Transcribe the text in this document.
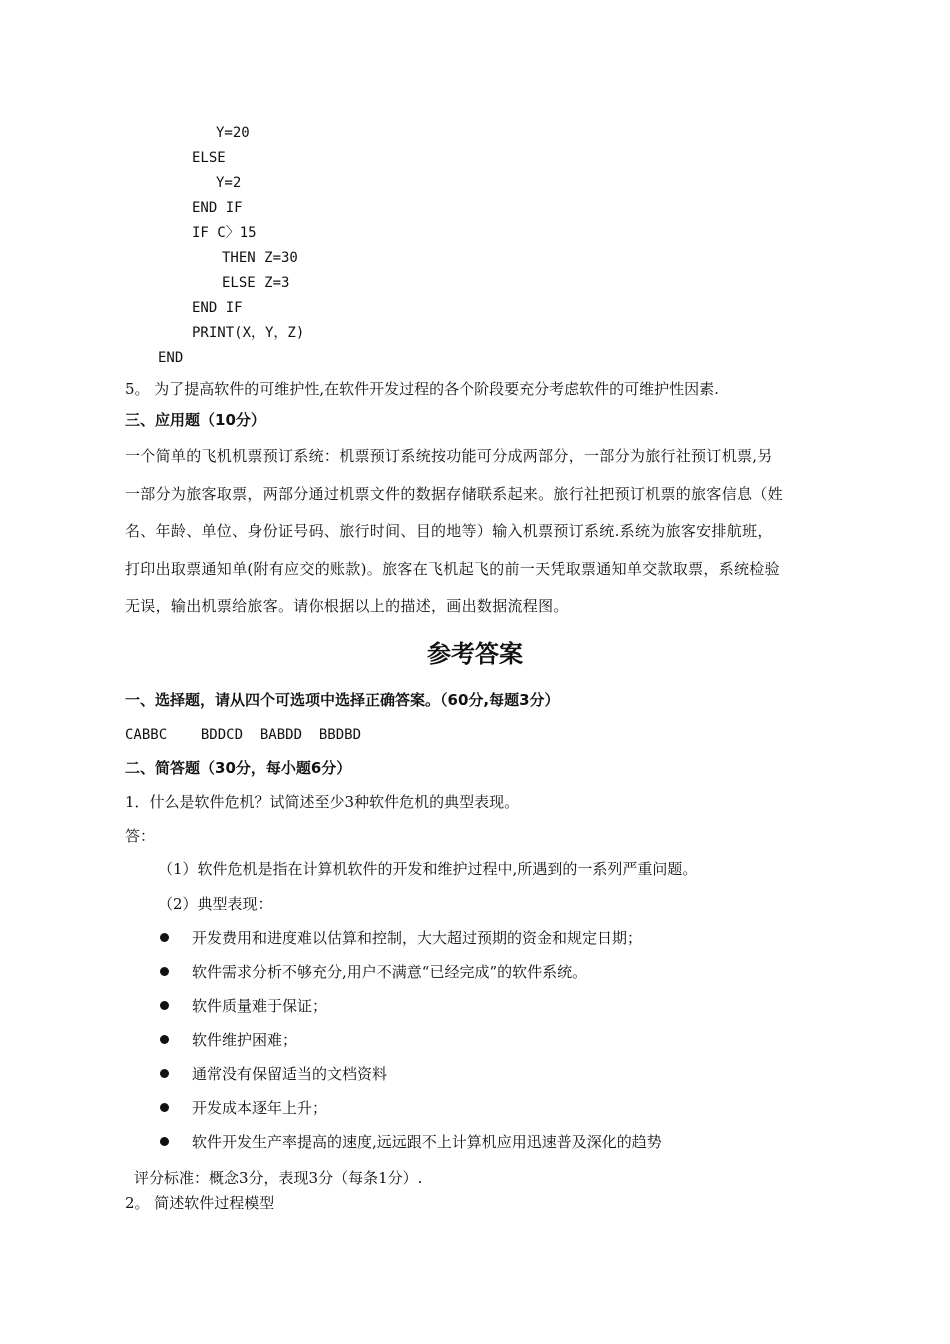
Y=20
ELSE
Y=2
END IF
IF C〉15
THEN Z=30
ELSE Z=3
END IF
PRINT(X，Y，Z)
END
5。 为了提高软件的可维护性,在软件开发过程的各个阶段要充分考虑软件的可维护性因素.
三、应用题（10分）
一个简单的飞机机票预订系统：机票预订系统按功能可分成两部分，一部分为旅行社预订机票,另
一部分为旅客取票，两部分通过机票文件的数据存储联系起来。旅行社把预订机票的旅客信息（姓
名、年龄、单位、身份证号码、旅行时间、目的地等）输入机票预订系统.系统为旅客安排航班，
打印出取票通知单(附有应交的账款)。旅客在飞机起飞的前一天凭取票通知单交款取票，系统检验
无误，输出机票给旅客。请你根据以上的描述，画出数据流程图。
参考答案
一、选择题，请从四个可选项中选择正确答案。（60分,每题3分）
CABBC    BDDCD  BABDD  BBDBD
二、简答题（30分，每小题6分）
1．什么是软件危机？试简述至少3种软件危机的典型表现。
答：
（1）软件危机是指在计算机软件的开发和维护过程中,所遇到的一系列严重问题。
（2）典型表现：
开发费用和进度难以估算和控制，大大超过预期的资金和规定日期；
软件需求分析不够充分,用户不满意“已经完成”的软件系统。
软件质量难于保证；
软件维护困难；
通常没有保留适当的文档资料
开发成本逐年上升；
软件开发生产率提高的速度,远远跟不上计算机应用迅速普及深化的趋势
评分标准：概念3分，表现3分（每条1分）.
2。 简述软件过程模型
